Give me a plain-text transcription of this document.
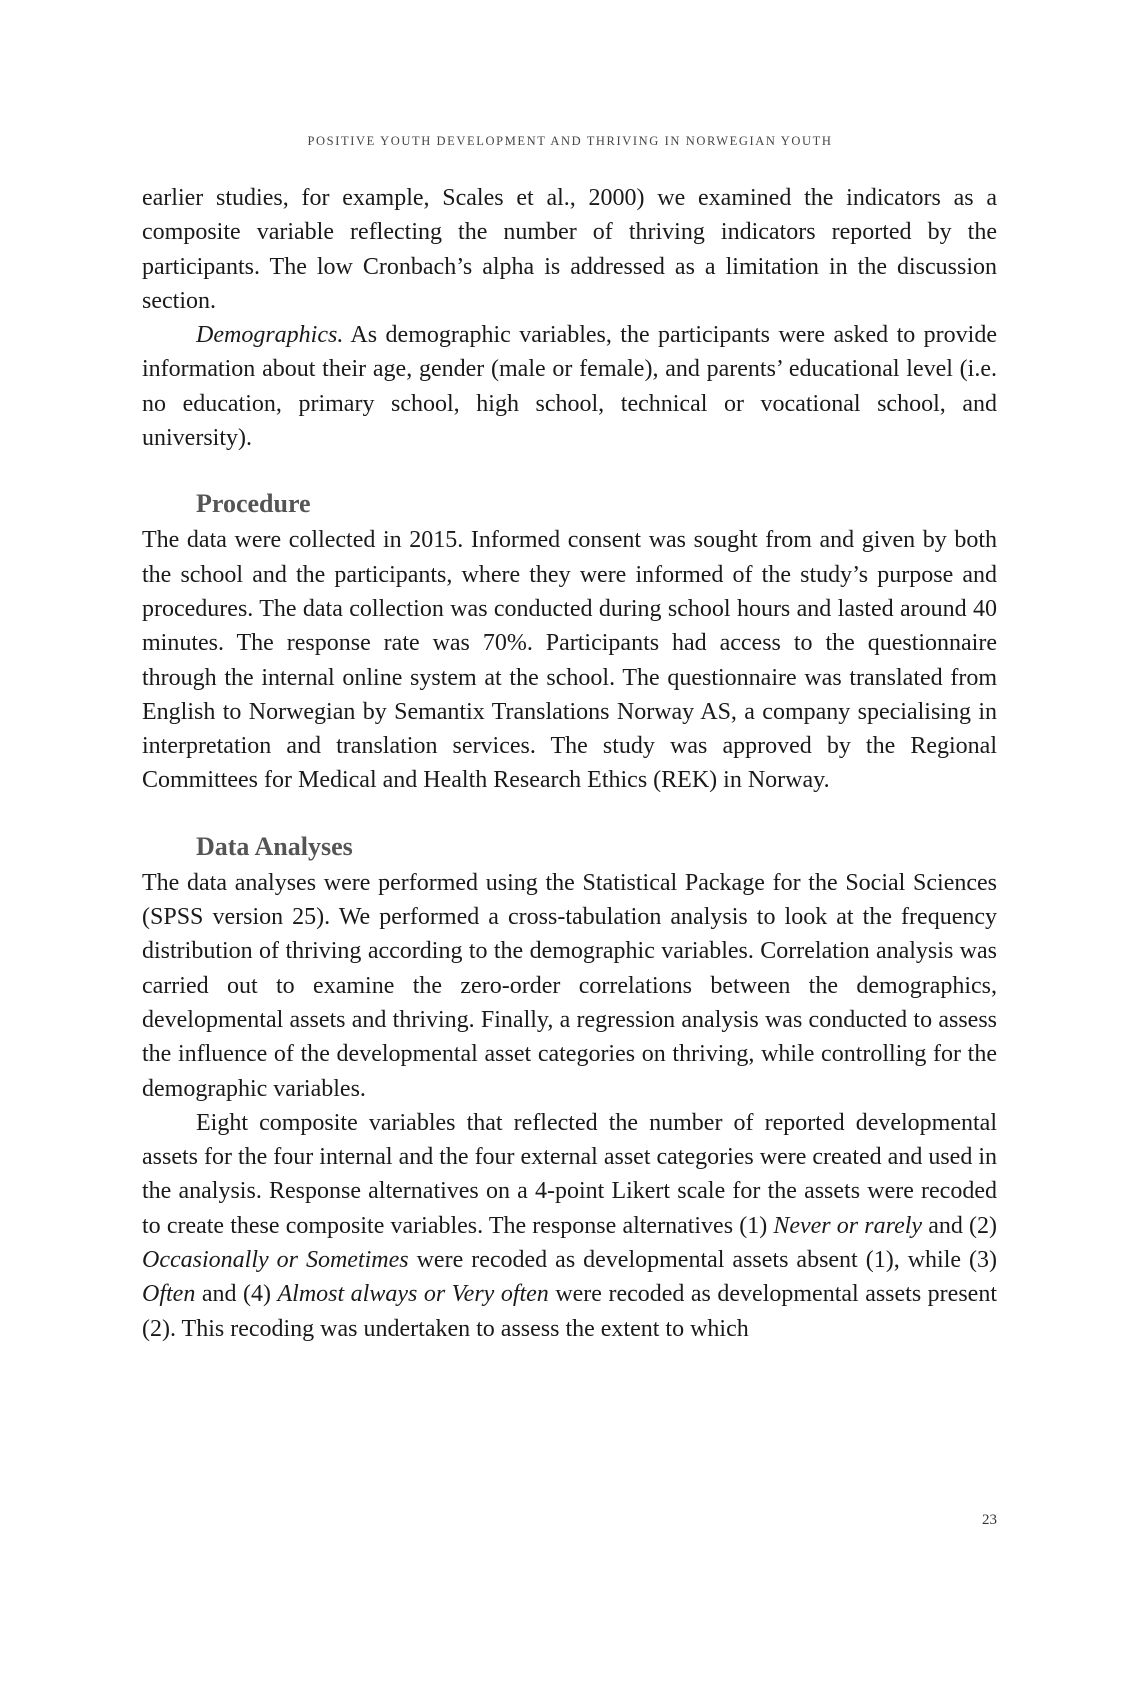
POSITIVE YOUTH DEVELOPMENT AND THRIVING IN NORWEGIAN YOUTH

earlier studies, for example, Scales et al., 2000) we examined the indicators as a composite variable reflecting the number of thriving indicators reported by the participants. The low Cronbach’s alpha is addressed as a limitation in the discussion section.

Demographics. As demographic variables, the participants were asked to provide information about their age, gender (male or female), and parents’ educational level (i.e. no education, primary school, high school, technical or vocational school, and university).

Procedure

The data were collected in 2015. Informed consent was sought from and given by both the school and the participants, where they were informed of the study’s purpose and procedures. The data collection was conducted during school hours and lasted around 40 minutes. The response rate was 70%. Participants had access to the questionnaire through the internal online system at the school. The questionnaire was translated from English to Norwegian by Semantix Translations Norway AS, a company specialising in interpretation and translation services. The study was approved by the Regional Committees for Medical and Health Research Ethics (REK) in Norway.

Data Analyses

The data analyses were performed using the Statistical Package for the Social Sciences (SPSS version 25). We performed a cross-tabulation analysis to look at the frequency distribution of thriving according to the demographic variables. Correlation analysis was carried out to examine the zero-order correlations between the demographics, developmental assets and thriving. Finally, a regression analysis was conducted to assess the influence of the developmental asset categories on thriving, while controlling for the demographic variables.

Eight composite variables that reflected the number of reported developmental assets for the four internal and the four external asset categories were created and used in the analysis. Response alternatives on a 4-point Likert scale for the assets were recoded to create these composite variables. The response alternatives (1) Never or rarely and (2) Occasionally or Sometimes were recoded as developmental assets absent (1), while (3) Often and (4) Almost always or Very often were recoded as developmental assets present (2). This recoding was undertaken to assess the extent to which

23
